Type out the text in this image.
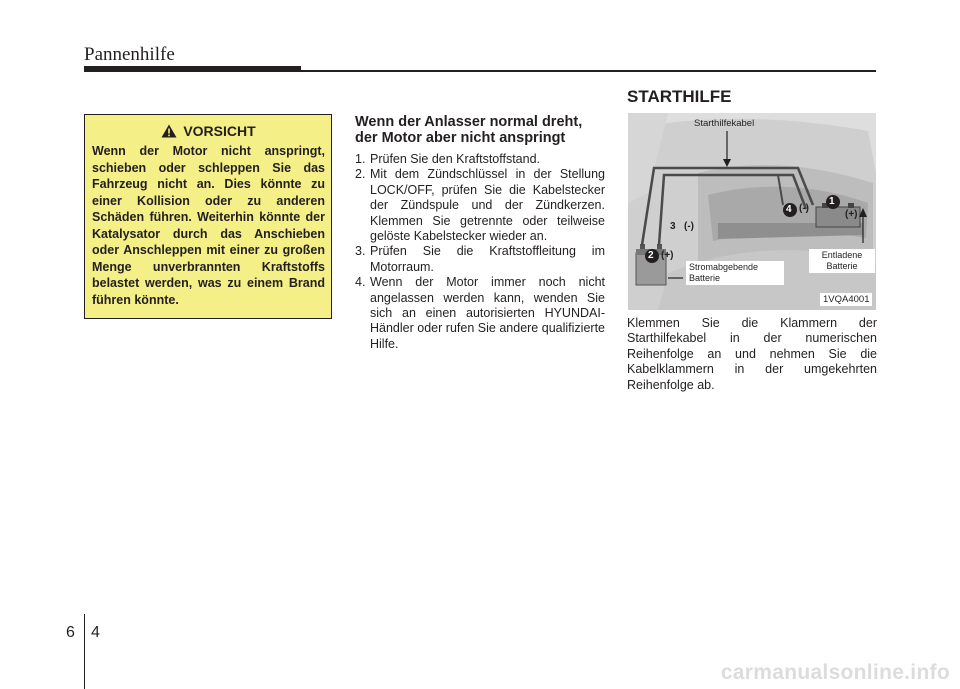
Pannenhilfe
VORSICHT
Wenn der Motor nicht anspringt, schieben oder schleppen Sie das Fahrzeug nicht an. Dies könnte zu einer Kollision oder zu anderen Schäden führen. Weiterhin könnte der Katalysator durch das Anschieben oder Anschleppen mit einer zu großen Menge unverbrannten Kraftstoffs belastet werden, was zu einem Brand führen könnte.
Wenn der Anlasser normal dreht, der Motor aber nicht anspringt
1. Prüfen Sie den Kraftstoffstand.
2. Mit dem Zündschlüssel in der Stellung LOCK/OFF, prüfen Sie die Kabelstecker der Zündspule und der Zündkerzen. Klemmen Sie getrennte oder teilweise gelöste Kabelstecker wieder an.
3. Prüfen Sie die Kraftstoffleitung im Motorraum.
4. Wenn der Motor immer noch nicht angelassen werden kann, wenden Sie sich an einen autorisierten HYUNDAI-Händler oder rufen Sie andere qualifizierte Hilfe.
STARTHILFE
Starthilfekabel
2 (+)
3 (-)
4 (-)
1
(+)
Stromabgebende
Batterie
Entladene
Batterie
1VQA4001
Klemmen Sie die Klammern der Starthilfekabel in der numerischen Reihenfolge an und nehmen Sie die Kabelklammern in der umgekehrten Reihenfolge ab.
6 4
carmanualsonline.info
